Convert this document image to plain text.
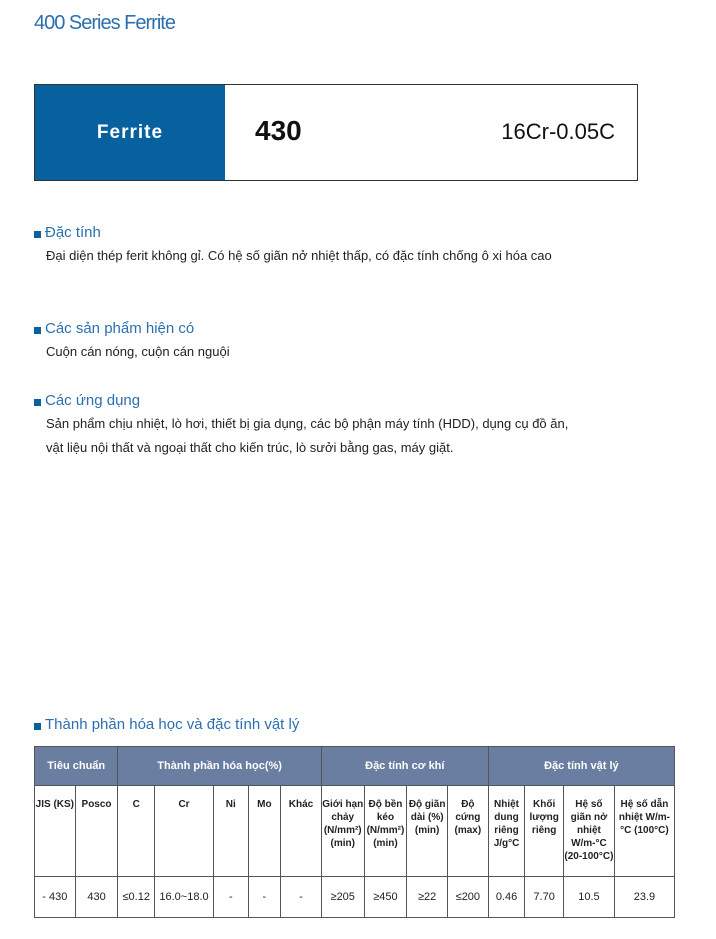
400 Series Ferrite
Ferrite	430	16Cr-0.05C
Đặc tính
Đại diện thép ferit không gỉ. Có hệ số giãn nở nhiệt thấp, có đặc tính chống ô xi hóa cao
Các sản phẩm hiện có
Cuộn cán nóng, cuộn cán nguội
Các ứng dụng
Sản phẩm chịu nhiệt, lò hơi, thiết bị gia dụng, các bộ phận máy tính (HDD), dụng cụ đồ ăn,
vật liệu nội thất và ngoại thất cho kiến trúc, lò sưởi bằng gas, máy giặt.
Thành phần hóa học và đặc tính vật lý
Tiêu chuẩn		Thành phần hóa học(%)					Đặc tính cơ khí				Đặc tính vật lý			
JIS (KS)	Posco	C	Cr	Ni	Mo	Khác	Giới hạn chảy (N/mm²) (min)	Độ bền kéo (N/mm²) (min)	Độ giãn dài (%) (min)	Độ cứng (max)	Nhiệt dung riêng J/g°C	Khối lượng riêng	Hệ số giãn nở nhiệt W/m-°C (20-100°C)	Hệ số dẫn nhiệt W/m-°C (100°C)
- 430	430	≤0.12	16.0~18.0	-	-	-	≥205	≥450	≥22	≤200	0.46	7.70	10.5	23.9
